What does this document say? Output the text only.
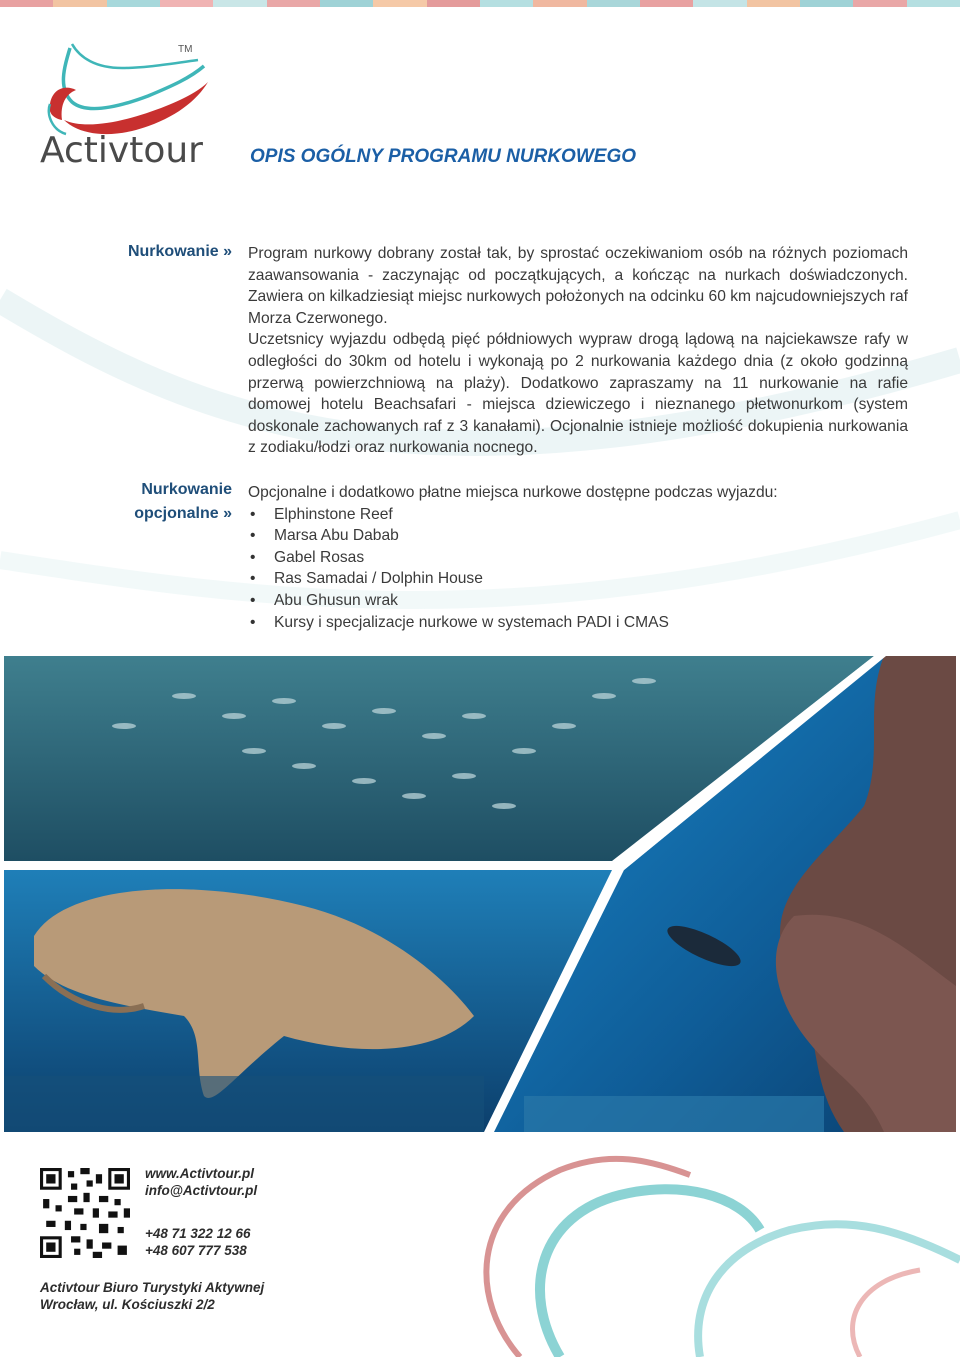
Activtour
TM
OPIS OGÓLNY PROGRAMU NURKOWEGO
Nurkowanie » Program nurkowy dobrany został tak, by sprostać oczekiwaniom osób na różnych poziomach zaawansowania - zaczynając od początkujących, a kończąc na nurkach doświadczonych. Zawiera on kilkadziesiąt miejsc nurkowych położonych na odcinku 60 km najcudowniejszych raf Morza Czerwonego.

Uczetsnicy wyjazdu odbędą pięć półdniowych wypraw drogą lądową na najciekawsze rafy w odległości do 30km od hotelu i wykonają po 2 nurkowania każdego dnia (z około godzinną przerwą powierzchniową na plaży). Dodatkowo zapraszamy na 11 nurkowanie na rafie domowej hotelu Beachsafari - miejsca dziewiczego i nieznanego płetwonurkom (system doskonale zachowanych raf z 3 kanałami). Ocjonalnie istnieje możliość dokupienia nurkowania z zodiaku/łodzi oraz nurkowania nocnego.

Nurkowanie
opcjonalne »

Opcjonalne i dodatkowo płatne miejsca nurkowe dostępne podczas wyjazdu:

• Elphinstone Reef
• Marsa Abu Dabab
• Gabel Rosas
• Ras Samadai / Dolphin House
• Abu Ghusun wrak
• Kursy i specjalizacje nurkowe w systemach PADI i CMAS
www.Activtour.pl
info@Activtour.pl
+48 71 322 12 66
+48 607 777 538
Activtour Biuro Turystyki Aktywnej
Wrocław, ul. Kościuszki 2/2
